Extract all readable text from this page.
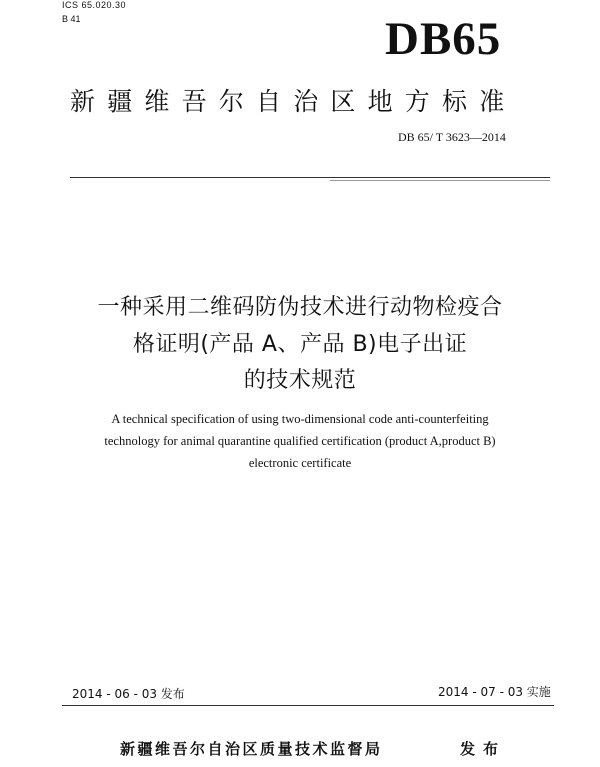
ICS 65.020.30
B 41	DB65
新疆维吾尔自治区地方标准
DB 65/ T 3623—2014
一种采用二维码防伪技术进行动物检疫合
格证明(产品 A、产品 B)电子出证
的技术规范
A technical specification of using two-dimensional code anti-counterfeiting
technology for animal quarantine qualified certification (product A,product B)
electronic certificate
2014 - 06 - 03 发布	2014 - 07 - 03 实施
新疆维吾尔自治区质量技术监督局	发布
